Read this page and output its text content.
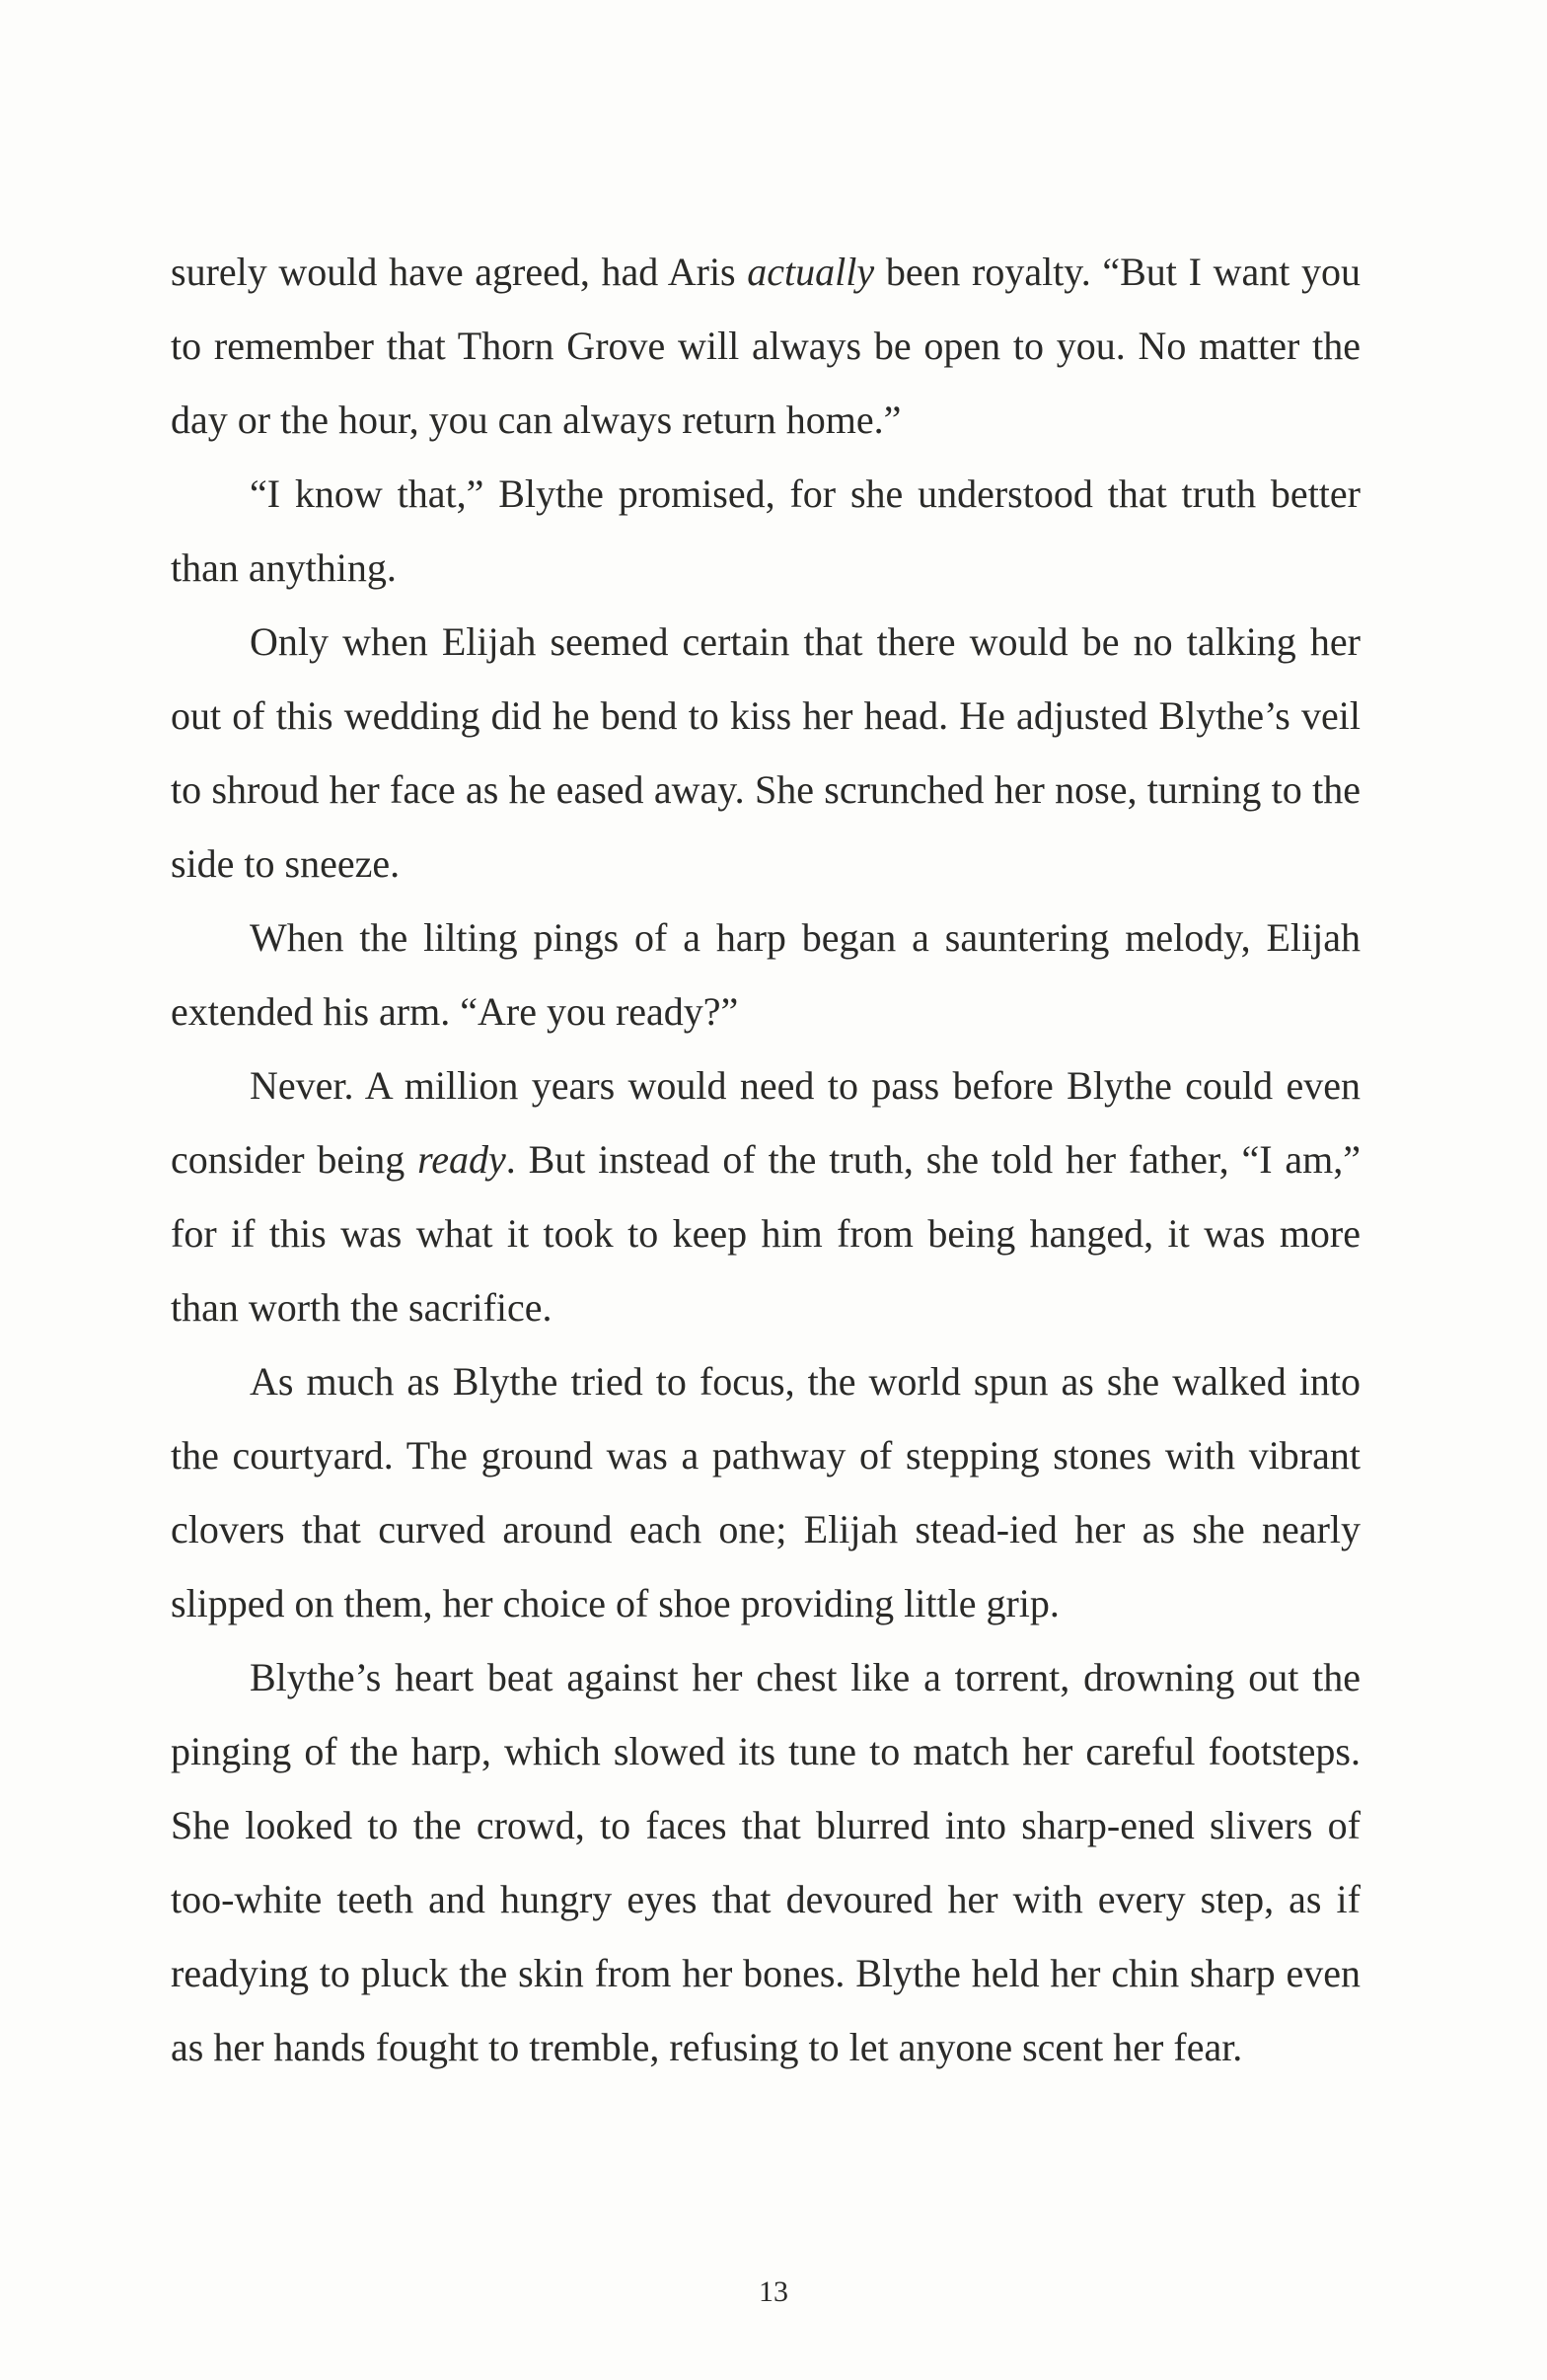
surely would have agreed, had Aris actually been royalty. “But I want you to remember that Thorn Grove will always be open to you. No matter the day or the hour, you can always return home.”

“I know that,” Blythe promised, for she understood that truth better than anything.

Only when Elijah seemed certain that there would be no talking her out of this wedding did he bend to kiss her head. He adjusted Blythe’s veil to shroud her face as he eased away. She scrunched her nose, turning to the side to sneeze.

When the lilting pings of a harp began a sauntering melody, Elijah extended his arm. “Are you ready?”

Never. A million years would need to pass before Blythe could even consider being ready. But instead of the truth, she told her father, “I am,” for if this was what it took to keep him from being hanged, it was more than worth the sacrifice.

As much as Blythe tried to focus, the world spun as she walked into the courtyard. The ground was a pathway of stepping stones with vibrant clovers that curved around each one; Elijah stead-ied her as she nearly slipped on them, her choice of shoe providing little grip.

Blythe’s heart beat against her chest like a torrent, drowning out the pinging of the harp, which slowed its tune to match her careful footsteps. She looked to the crowd, to faces that blurred into sharp-ened slivers of too-white teeth and hungry eyes that devoured her with every step, as if readying to pluck the skin from her bones. Blythe held her chin sharp even as her hands fought to tremble, refusing to let anyone scent her fear.

13
